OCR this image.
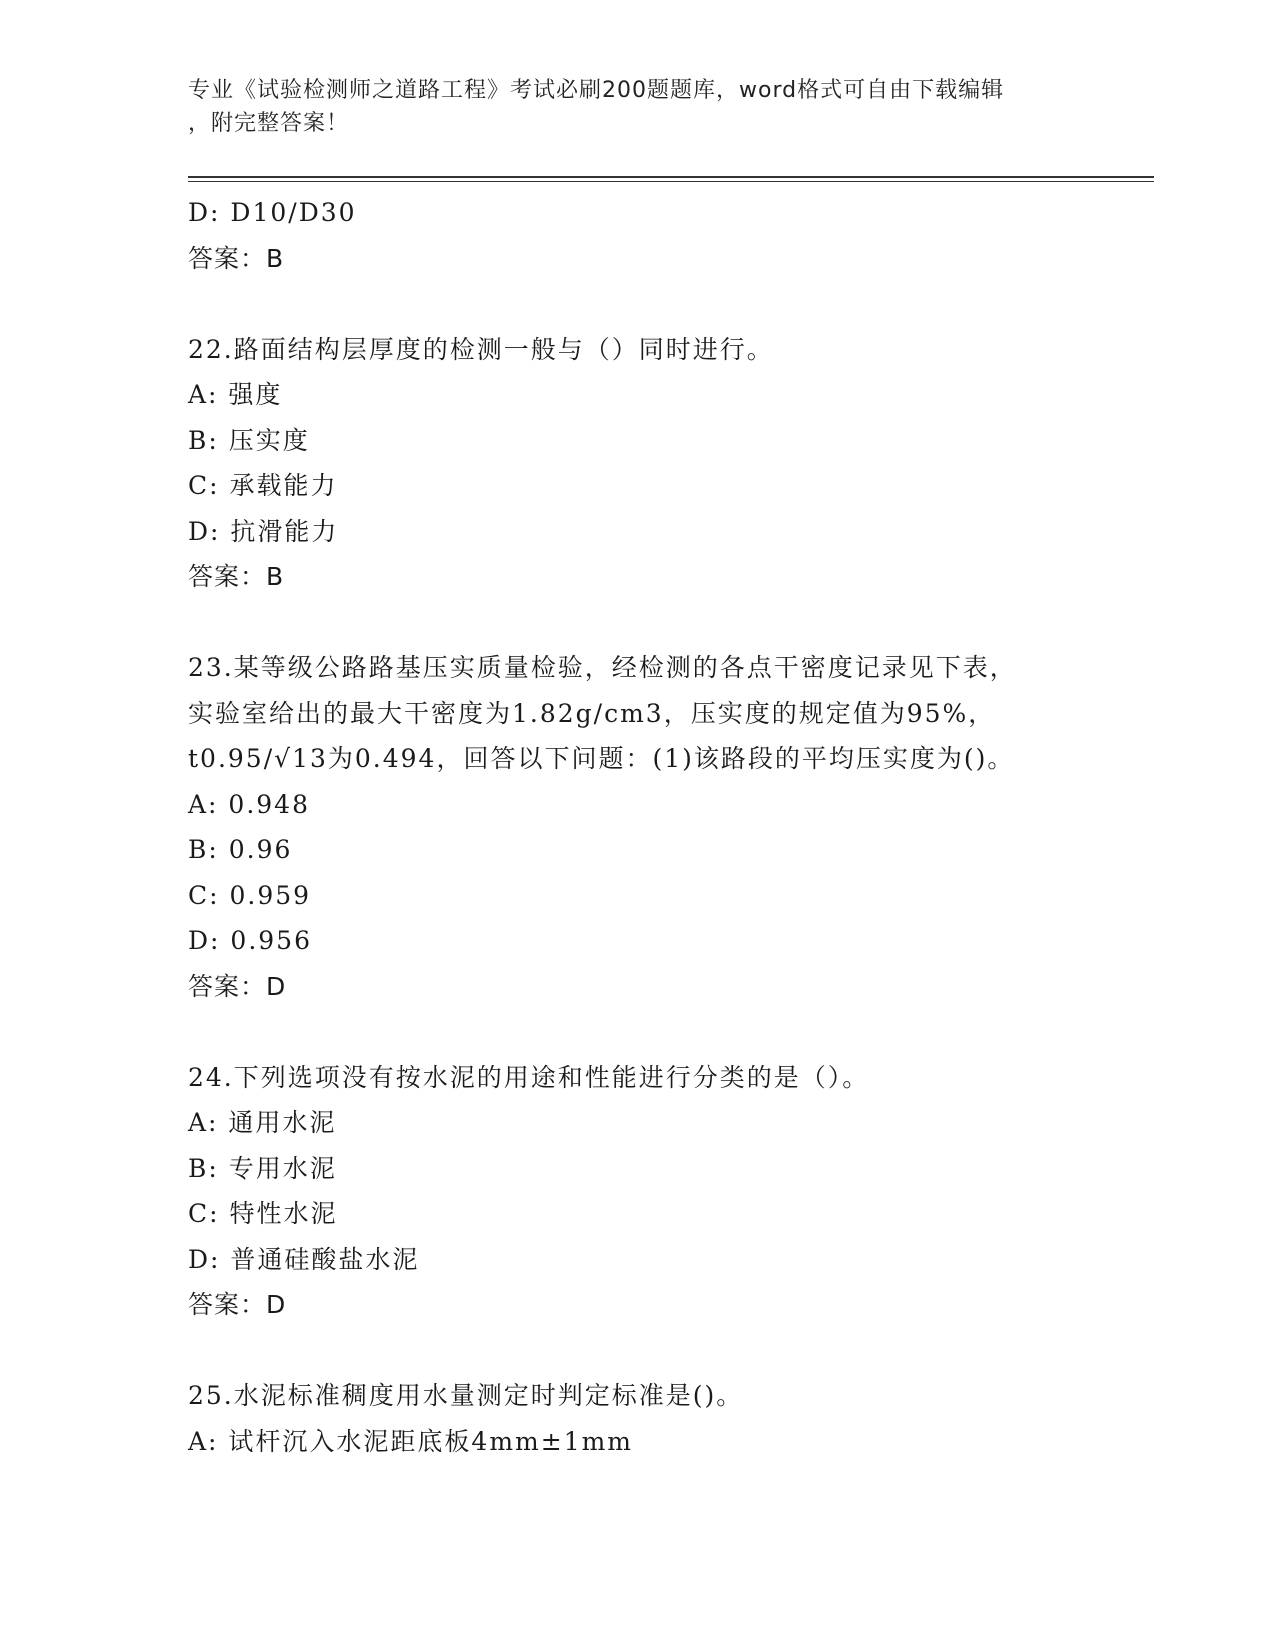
专业《试验检测师之道路工程》考试必刷200题题库，word格式可自由下载编辑

，附完整答案！

D: D10/D30

答案：B

22.路面结构层厚度的检测一般与（）同时进行。

A: 强度

B: 压实度

C: 承载能力

D: 抗滑能力

答案：B

23.某等级公路路基压实质量检验，经检测的各点干密度记录见下表，

实验室给出的最大干密度为1.82g/cm3，压实度的规定值为95%，

t0.95/√13为0.494，回答以下问题：(1)该路段的平均压实度为()。

A: 0.948

B: 0.96

C: 0.959

D: 0.956

答案：D

24.下列选项没有按水泥的用途和性能进行分类的是（）。

A: 通用水泥

B: 专用水泥

C: 特性水泥

D: 普通硅酸盐水泥

答案：D

25.水泥标准稠度用水量测定时判定标准是()。

A: 试杆沉入水泥距底板4mm±1mm
